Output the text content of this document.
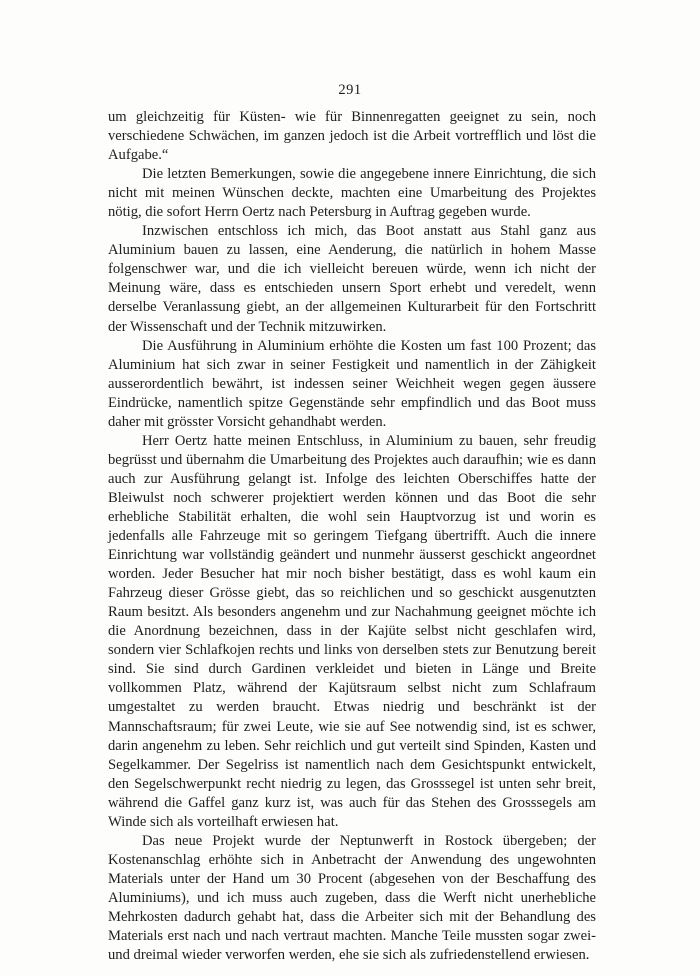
291

um gleichzeitig für Küsten- wie für Binnenregatten geeignet zu sein, noch verschiedene Schwächen, im ganzen jedoch ist die Arbeit vortrefflich und löst die Aufgabe.“

Die letzten Bemerkungen, sowie die angegebene innere Einrichtung, die sich nicht mit meinen Wünschen deckte, machten eine Umarbeitung des Projektes nötig, die sofort Herrn Oertz nach Petersburg in Auftrag gegeben wurde.

Inzwischen entschloss ich mich, das Boot anstatt aus Stahl ganz aus Aluminium bauen zu lassen, eine Aenderung, die natürlich in hohem Masse folgenschwer war, und die ich vielleicht bereuen würde, wenn ich nicht der Meinung wäre, dass es entschieden unsern Sport erhebt und veredelt, wenn derselbe Veranlassung giebt, an der allgemeinen Kulturarbeit für den Fortschritt der Wissenschaft und der Technik mitzuwirken.

Die Ausführung in Aluminium erhöhte die Kosten um fast 100 Prozent; das Aluminium hat sich zwar in seiner Festigkeit und namentlich in der Zähigkeit ausserordentlich bewährt, ist indessen seiner Weichheit wegen gegen äussere Eindrücke, namentlich spitze Gegenstände sehr empfindlich und das Boot muss daher mit grösster Vorsicht gehandhabt werden.

Herr Oertz hatte meinen Entschluss, in Aluminium zu bauen, sehr freudig begrüsst und übernahm die Umarbeitung des Projektes auch daraufhin; wie es dann auch zur Ausführung gelangt ist. Infolge des leichten Oberschiffes hatte der Bleiwulst noch schwerer projektiert werden können und das Boot die sehr erhebliche Stabilität erhalten, die wohl sein Hauptvorzug ist und worin es jedenfalls alle Fahrzeuge mit so geringem Tiefgang übertrifft. Auch die innere Einrichtung war vollständig geändert und nunmehr äusserst geschickt angeordnet worden. Jeder Besucher hat mir noch bisher bestätigt, dass es wohl kaum ein Fahrzeug dieser Grösse giebt, das so reichlichen und so geschickt ausgenutzten Raum besitzt. Als besonders angenehm und zur Nachahmung geeignet möchte ich die Anordnung bezeichnen, dass in der Kajüte selbst nicht geschlafen wird, sondern vier Schlafkojen rechts und links von derselben stets zur Benutzung bereit sind. Sie sind durch Gardinen verkleidet und bieten in Länge und Breite vollkommen Platz, während der Kajütsraum selbst nicht zum Schlafraum umgestaltet zu werden braucht. Etwas niedrig und beschränkt ist der Mannschaftsraum; für zwei Leute, wie sie auf See notwendig sind, ist es schwer, darin angenehm zu leben. Sehr reichlich und gut verteilt sind Spinden, Kasten und Segelkammer. Der Segelriss ist namentlich nach dem Gesichtspunkt entwickelt, den Segelschwerpunkt recht niedrig zu legen, das Grosssegel ist unten sehr breit, während die Gaffel ganz kurz ist, was auch für das Stehen des Grosssegels am Winde sich als vorteilhaft erwiesen hat.

Das neue Projekt wurde der Neptunwerft in Rostock übergeben; der Kostenanschlag erhöhte sich in Anbetracht der Anwendung des ungewohnten Materials unter der Hand um 30 Procent (abgesehen von der Beschaffung des Aluminiums), und ich muss auch zugeben, dass die Werft nicht unerhebliche Mehrkosten dadurch gehabt hat, dass die Arbeiter sich mit der Behandlung des Materials erst nach und nach vertraut machten. Manche Teile mussten sogar zwei- und dreimal wieder verworfen werden, ehe sie sich als zufriedenstellend erwiesen.
